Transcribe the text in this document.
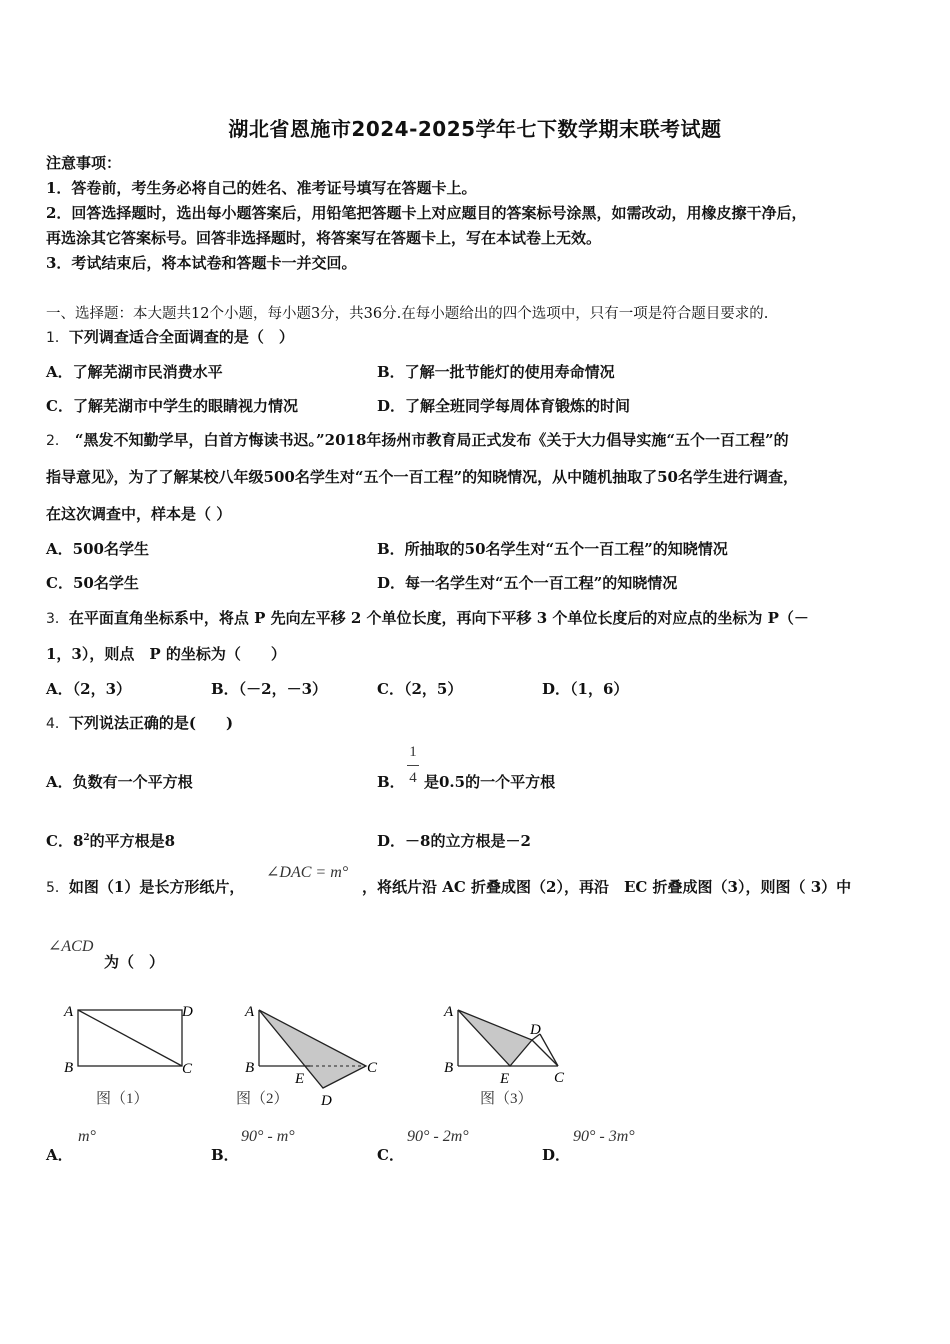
湖北省恩施市2024-2025学年七下数学期末联考试题
注意事项：
1．答卷前，考生务必将自己的姓名、准考证号填写在答题卡上。
2．回答选择题时，选出每小题答案后，用铅笔把答题卡上对应题目的答案标号涂黑，如需改动，用橡皮擦干净后，
再选涂其它答案标号。回答非选择题时，将答案写在答题卡上，写在本试卷上无效。
3．考试结束后，将本试卷和答题卡一并交回。
一、选择题：本大题共12个小题，每小题3分，共36分.在每小题给出的四个选项中，只有一项是符合题目要求的.
1．下列调查适合全面调查的是（　）
A．了解芜湖市民消费水平	B．了解一批节能灯的使用寿命情况
C．了解芜湖市中学生的眼睛视力情况	D．了解全班同学每周体育锻炼的时间
2． “黑发不知勤学早，白首方悔读书迟。”2018年扬州市教育局正式发布《关于大力倡导实施“五个一百工程”的
指导意见》，为了了解某校八年级500名学生对“五个一百工程”的知晓情况，从中随机抽取了50名学生进行调查，
在这次调查中，样本是（ ）
A．500名学生	B．所抽取的50名学生对“五个一百工程”的知晓情况
C．50名学生	D．每一名学生对“五个一百工程”的知晓情况
3．在平面直角坐标系中，将点 P 先向左平移 2 个单位长度，再向下平移 3 个单位长度后的对应点的坐标为 P（－
1，3），则点　P 的坐标为（　　）
A．（2，3）	B．（－2，－3）	C．（2，5）	D．（1，6）
4．下列说法正确的是(　　)
A．负数有一个平方根	B．
1
4 是0.5的一个平方根
C．$8^2$的平方根是8	D．－8的立方根是－2
5．如图（1）是长方形纸片，
∠DAC = m°
，将纸片沿 AC 折叠成图（2），再沿　EC 折叠成图（3），则图（ 3）中
∠ACD
为（　）
A
B	C
D
图（1）
A
B
E
C
D
图（2）
A
B
E	C
D
图（3）
A．
m°
B．
90° - m°
C．
90° - 2m°
D．
90° - 3m°
